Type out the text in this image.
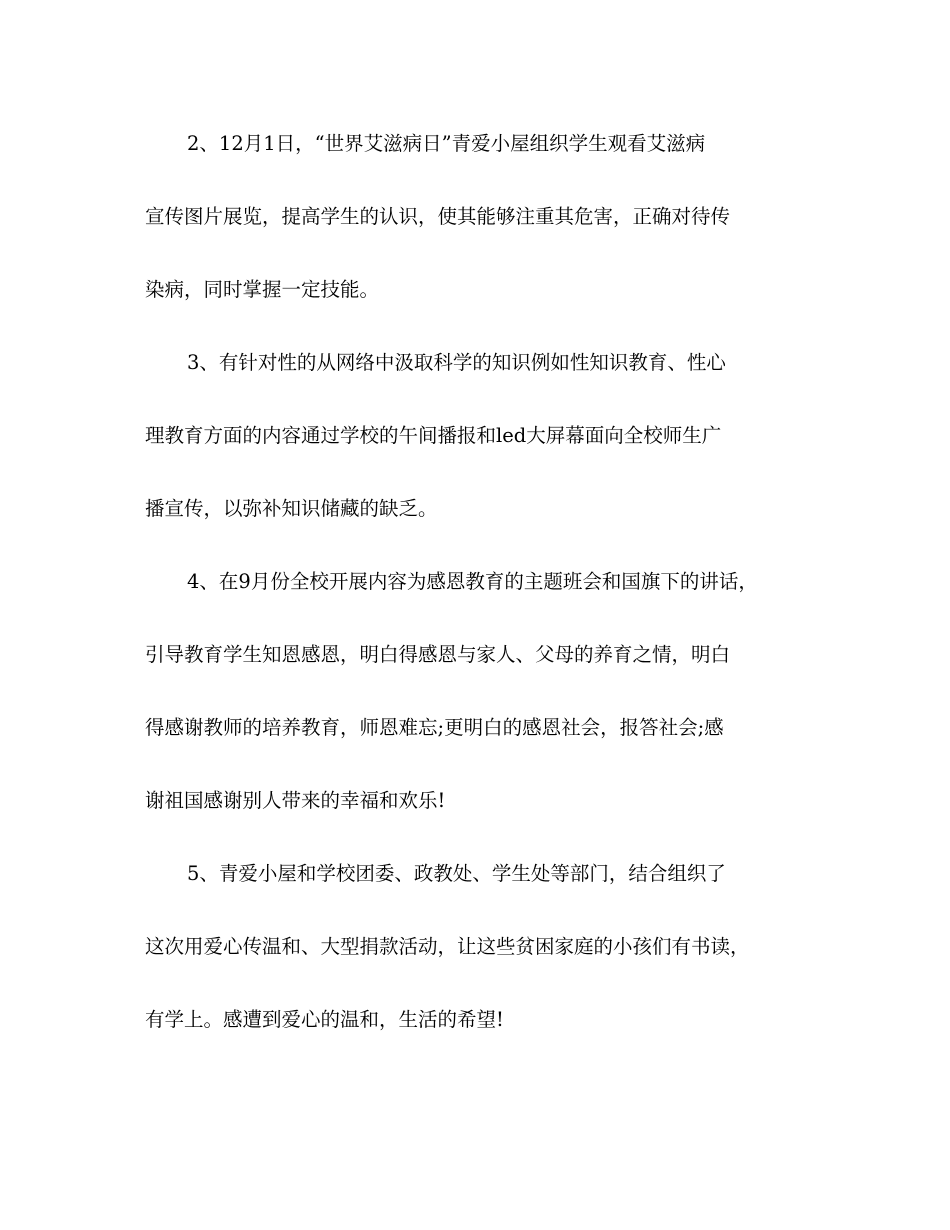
2、12月1日，“世界艾滋病日”青爱小屋组织学生观看艾滋病
宣传图片展览，提高学生的认识，使其能够注重其危害，正确对待传
染病，同时掌握一定技能。
3、有针对性的从网络中汲取科学的知识例如性知识教育、性心
理教育方面的内容通过学校的午间播报和led大屏幕面向全校师生广
播宣传，以弥补知识储藏的缺乏。
4、在9月份全校开展内容为感恩教育的主题班会和国旗下的讲话，
引导教育学生知恩感恩，明白得感恩与家人、父母的养育之情，明白
得感谢教师的培养教育，师恩难忘;更明白的感恩社会，报答社会;感
谢祖国感谢别人带来的幸福和欢乐!
5、青爱小屋和学校团委、政教处、学生处等部门，结合组织了
这次用爱心传温和、大型捐款活动，让这些贫困家庭的小孩们有书读，
有学上。感遭到爱心的温和，生活的希望!
